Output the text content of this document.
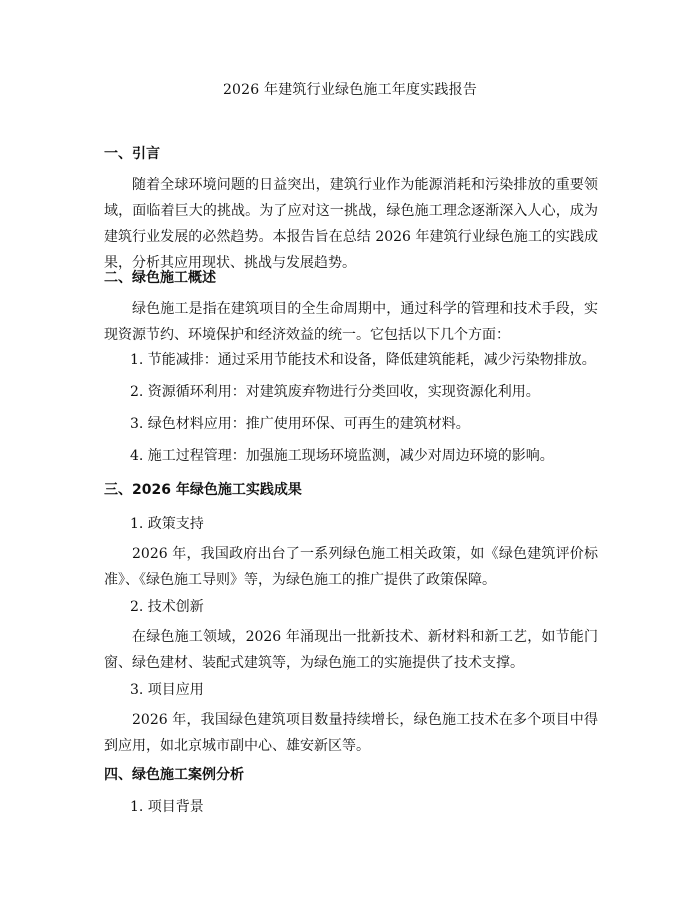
2026 年建筑行业绿色施工年度实践报告
一、引言

随着全球环境问题的日益突出，建筑行业作为能源消耗和污染排放的重要领域，面临着巨大的挑战。为了应对这一挑战，绿色施工理念逐渐深入人心，成为建筑行业发展的必然趋势。本报告旨在总结 2026 年建筑行业绿色施工的实践成果，分析其应用现状、挑战与发展趋势。

二、绿色施工概述

绿色施工是指在建筑项目的全生命周期中，通过科学的管理和技术手段，实现资源节约、环境保护和经济效益的统一。它包括以下几个方面：

1. 节能减排：通过采用节能技术和设备，降低建筑能耗，减少污染物排放。
2. 资源循环利用：对建筑废弃物进行分类回收，实现资源化利用。
3. 绿色材料应用：推广使用环保、可再生的建筑材料。
4. 施工过程管理：加强施工现场环境监测，减少对周边环境的影响。
三、2026 年绿色施工实践成果
1. 政策支持

2026 年，我国政府出台了一系列绿色施工相关政策，如《绿色建筑评价标准》、《绿色施工导则》等，为绿色施工的推广提供了政策保障。

2. 技术创新

在绿色施工领域，2026 年涌现出一批新技术、新材料和新工艺，如节能门窗、绿色建材、装配式建筑等，为绿色施工的实施提供了技术支撑。

3. 项目应用

2026 年，我国绿色建筑项目数量持续增长，绿色施工技术在多个项目中得到应用，如北京城市副中心、雄安新区等。

四、绿色施工案例分析
1. 项目背景
